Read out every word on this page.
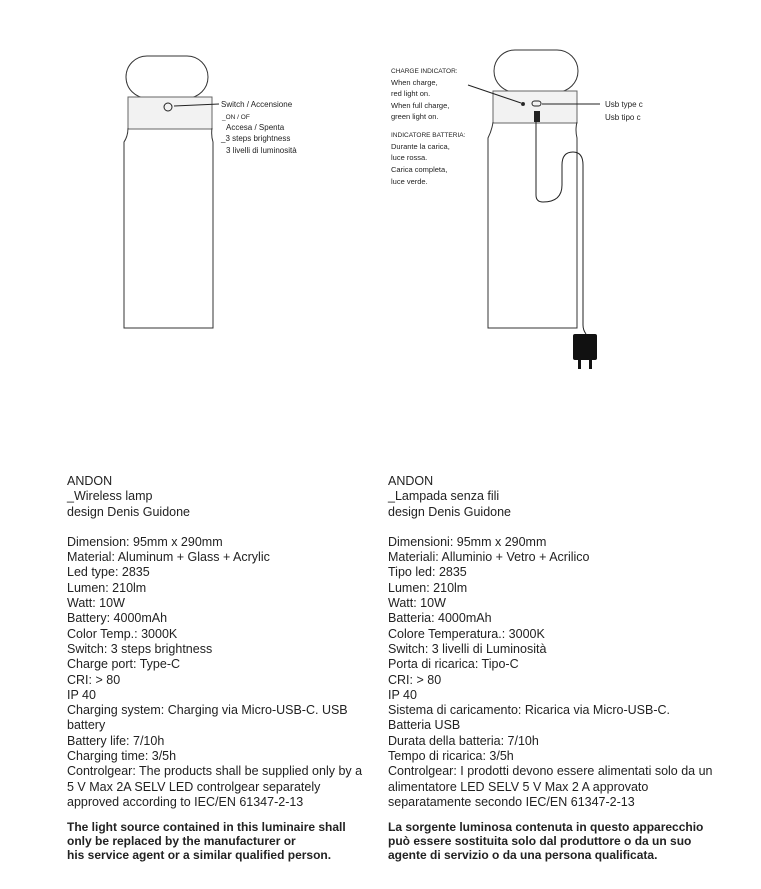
Switch / Accensione
_ON / OF
Accesa / Spenta
_3 steps brightness
3 livelli di luminosità
CHARGE INDICATOR:
When charge,
red light on.
When full charge,
green light on.
INDICATORE BATTERIA:
Durante la carica,
luce rossa.
Carica completa,
luce verde.
Usb type c
Usb tipo c
ANDON
_Wireless lamp
design Denis Guidone
Dimension: 95mm x 290mm
Material: Aluminum + Glass + Acrylic
Led type: 2835
Lumen: 210lm
Watt: 10W
Battery: 4000mAh
Color Temp.: 3000K
Switch: 3 steps brightness
Charge port: Type-C
CRI: > 80
IP 40
Charging system: Charging via Micro-USB-C. USB battery
Battery life: 7/10h
Charging time: 3/5h
Controlgear: The products shall be supplied only by a 5 V Max 2A SELV LED controlgear separately approved according to IEC/EN 61347-2-13
The light source contained in this luminaire shall
only be replaced by the manufacturer or
his service agent or a similar qualified person.
ANDON
_Lampada senza fili
design Denis Guidone
Dimensioni: 95mm x 290mm
Materiali: Alluminio + Vetro + Acrilico
Tipo led: 2835
Lumen: 210lm
Watt: 10W
Batteria: 4000mAh
Colore Temperatura.: 3000K
Switch: 3 livelli di Luminosità
Porta di ricarica: Tipo-C
CRI: > 80
IP 40
Sistema di caricamento: Ricarica via Micro-USB-C.
Batteria USB
Durata della batteria: 7/10h
Tempo di ricarica: 3/5h
Controlgear: I prodotti devono essere alimentati solo da un alimentatore LED SELV 5 V Max 2 A approvato separatamente secondo IEC/EN 61347-2-13
La sorgente luminosa contenuta in questo apparecchio
può essere sostituita solo dal produttore o da un suo
agente di servizio o da una persona qualificata.
